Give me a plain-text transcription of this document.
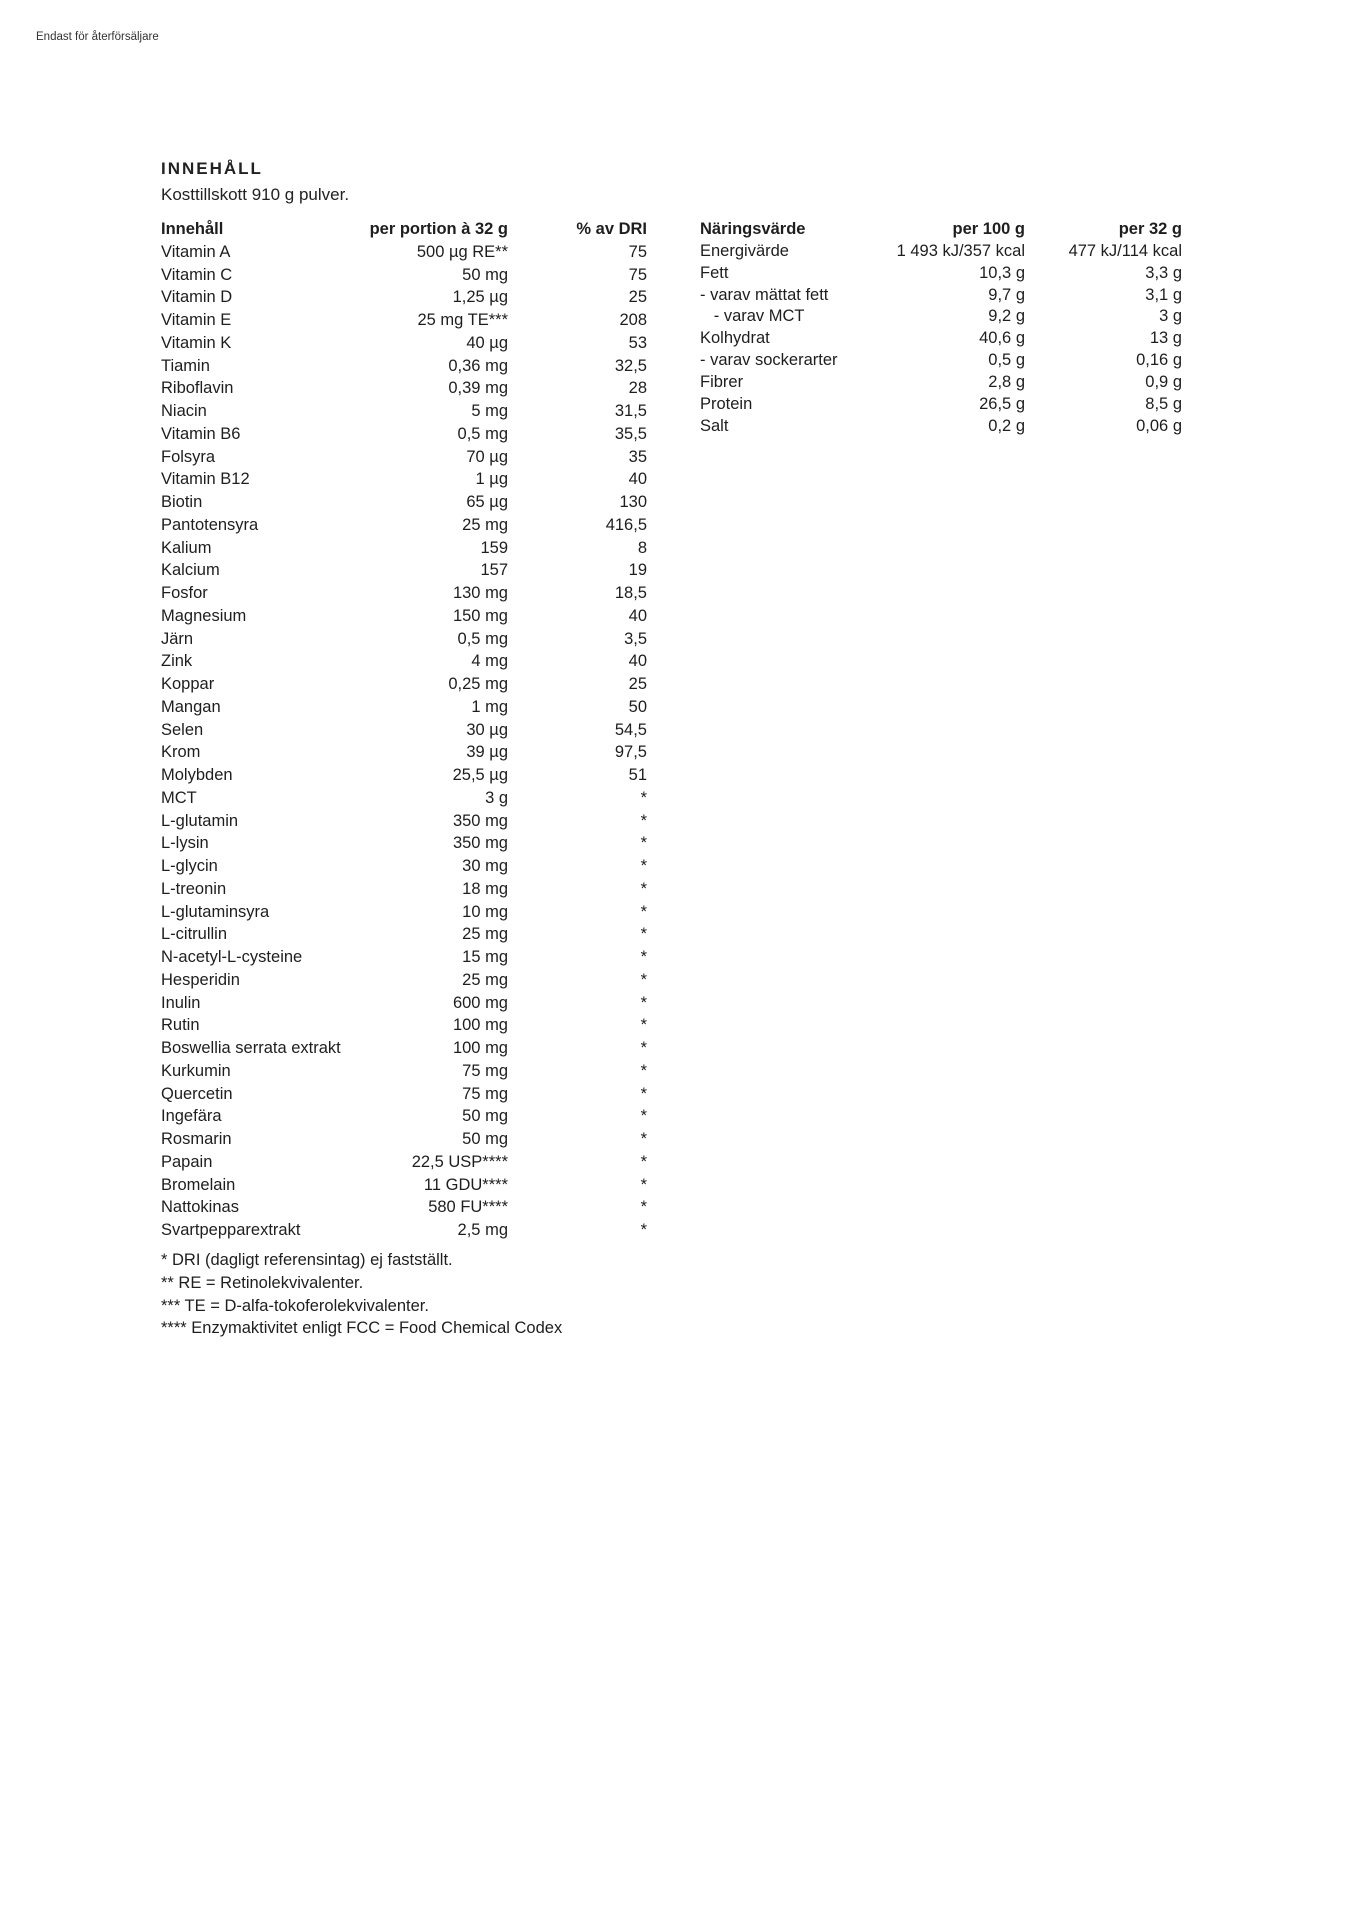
Endast för återförsäljare
INNEHÅLL
Kosttillskott 910 g pulver.
Innehåll	per portion à 32 g	% av DRI
Vitamin A	500 µg RE**	75
Vitamin C	50 mg	75
Vitamin D	1,25 µg	25
Vitamin E	25 mg TE***	208
Vitamin K	40 µg	53
Tiamin	0,36 mg	32,5
Riboflavin	0,39 mg	28
Niacin	5 mg	31,5
Vitamin B6	0,5 mg	35,5
Folsyra	70 µg	35
Vitamin B12	1 µg	40
Biotin	65 µg	130
Pantotensyra	25 mg	416,5
Kalium	159	8
Kalcium	157	19
Fosfor	130 mg	18,5
Magnesium	150 mg	40
Järn	0,5 mg	3,5
Zink	4 mg	40
Koppar	0,25 mg	25
Mangan	1 mg	50
Selen	30 µg	54,5
Krom	39 µg	97,5
Molybden	25,5 µg	51
MCT	3 g	*
L-glutamin	350 mg	*
L-lysin	350 mg	*
L-glycin	30 mg	*
L-treonin	18 mg	*
L-glutaminsyra	10 mg	*
L-citrullin	25 mg	*
N-acetyl-L-cysteine	15 mg	*
Hesperidin	25 mg	*
Inulin	600 mg	*
Rutin	100 mg	*
Boswellia serrata extrakt	100 mg	*
Kurkumin	75 mg	*
Quercetin	75 mg	*
Ingefära	50 mg	*
Rosmarin	50 mg	*
Papain	22,5 USP****	*
Bromelain	11 GDU****	*
Nattokinas	580 FU****	*
Svartpepparextrakt	2,5 mg	*
Näringsvärde	per 100 g	per 32 g
Energivärde	1 493 kJ/357 kcal	477 kJ/114 kcal
Fett	10,3 g	3,3 g
- varav mättat fett	9,7 g	3,1 g
- varav MCT	9,2 g	3 g
Kolhydrat	40,6 g	13 g
- varav sockerarter	0,5 g	0,16 g
Fibrer	2,8 g	0,9 g
Protein	26,5 g	8,5 g
Salt	0,2 g	0,06 g
* DRI (dagligt referensintag) ej fastställt.
** RE = Retinolekvivalenter.
*** TE = D-alfa-tokoferolekvivalenter.
**** Enzymaktivitet enligt FCC = Food Chemical Codex
